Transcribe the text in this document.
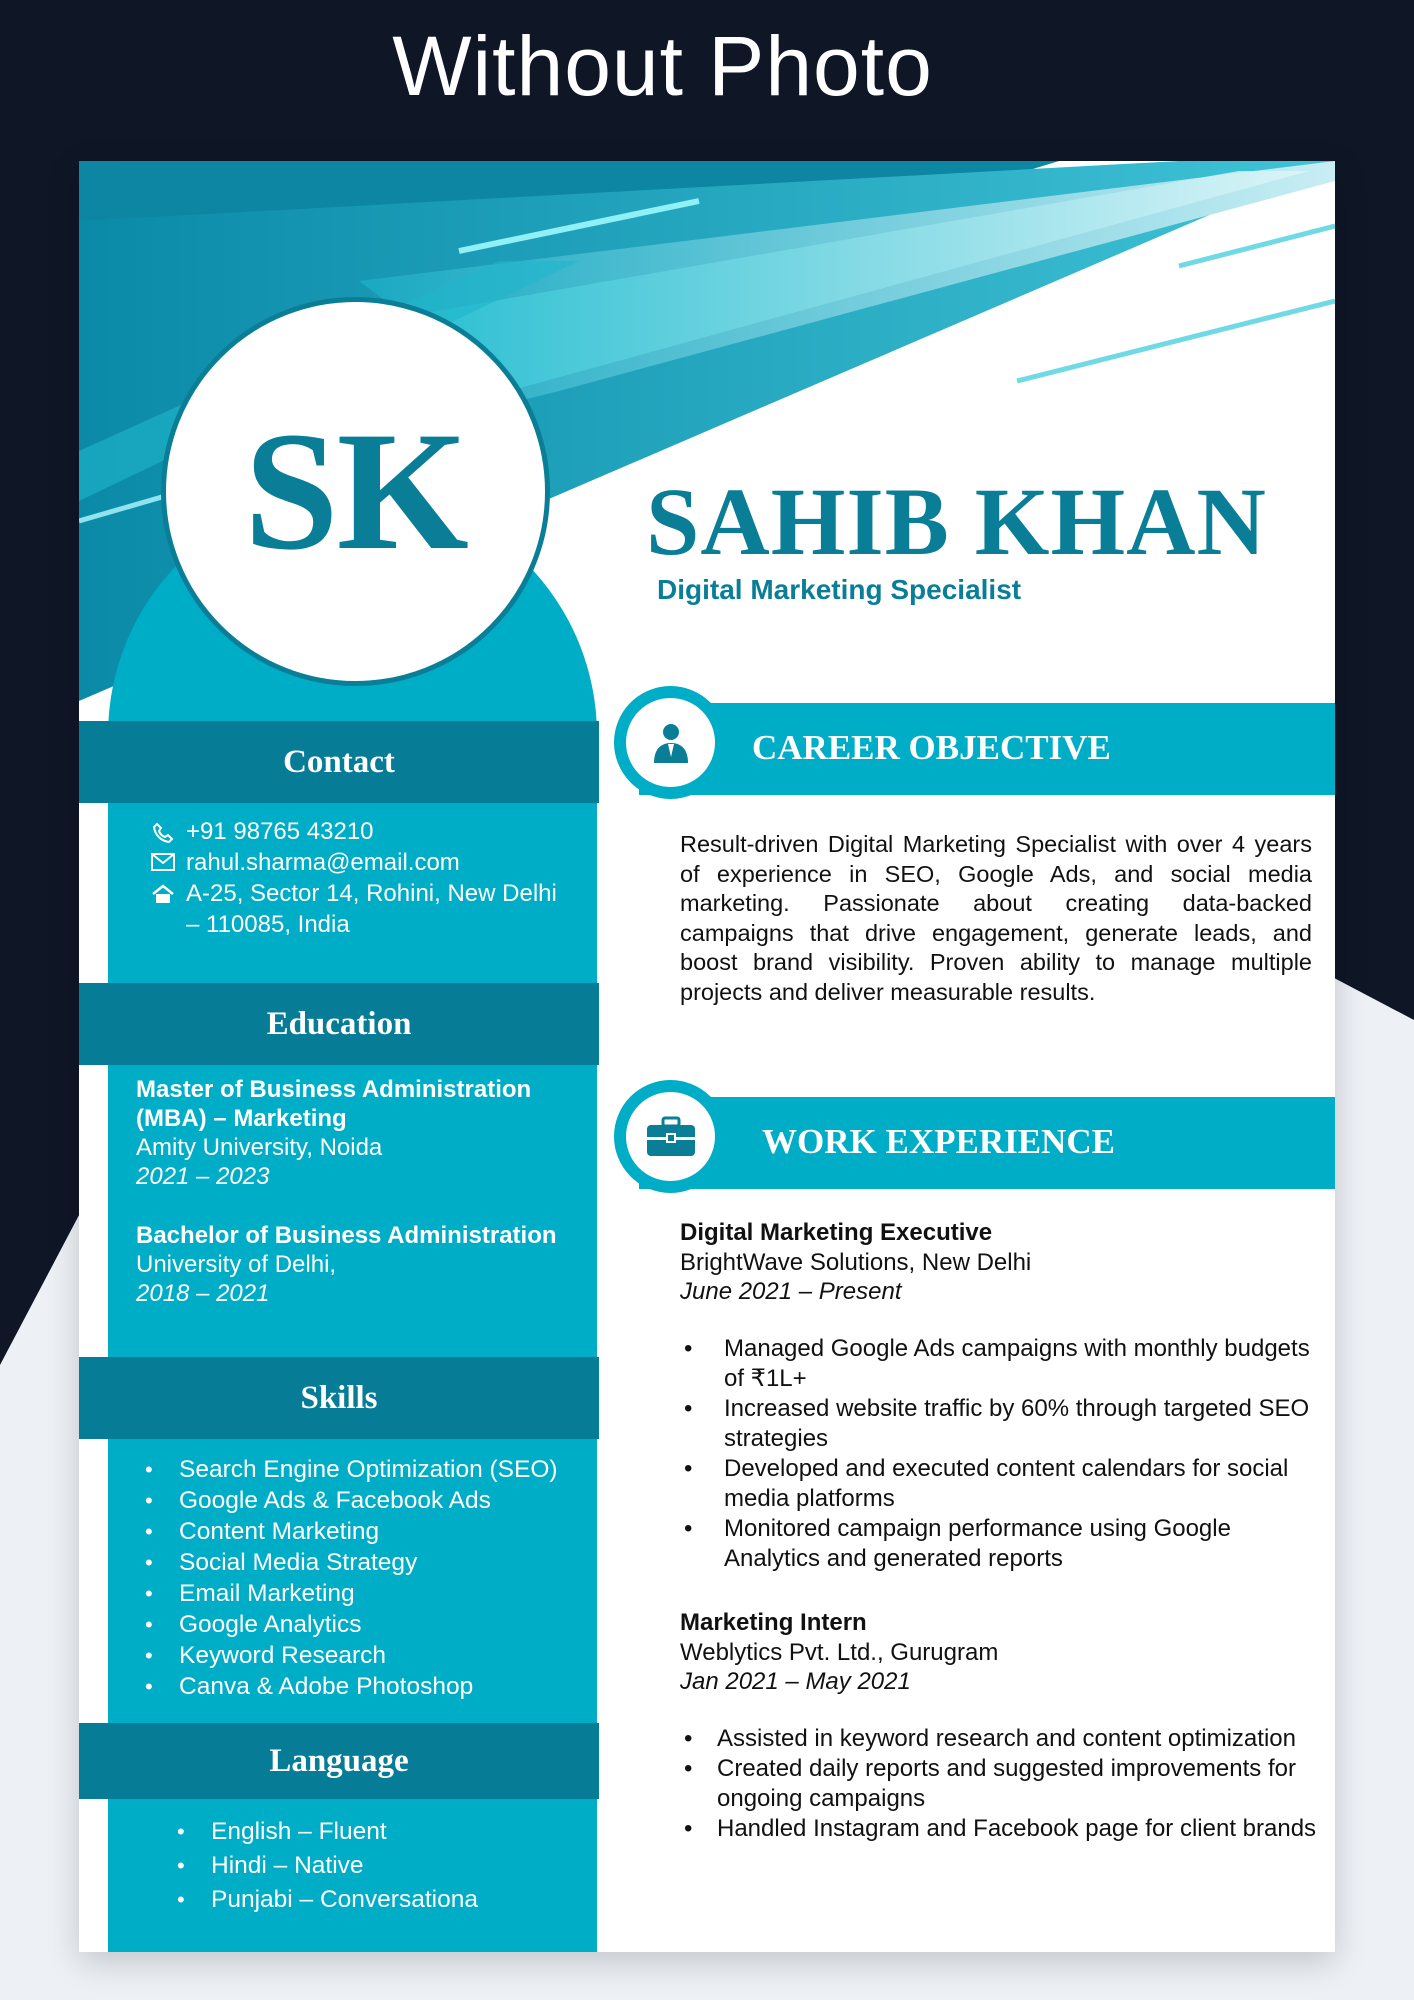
Without Photo
SK SAHIB KHAN
Digital Marketing Specialist
Contact
+91 98765 43210
rahul.sharma@email.com
A-25, Sector 14, Rohini, New Delhi – 110085, India
Education
Master of Business Administration (MBA) – Marketing
Amity University, Noida
2021 – 2023
Bachelor of Business Administration
University of Delhi,
2018 – 2021
Skills
• Search Engine Optimization (SEO)
• Google Ads & Facebook Ads
• Content Marketing
• Social Media Strategy
• Email Marketing
• Google Analytics
• Keyword Research
• Canva & Adobe Photoshop
Language
• English – Fluent
• Hindi – Native
• Punjabi – Conversationa
CAREER OBJECTIVE
Result-driven Digital Marketing Specialist with over 4 years of experience in SEO, Google Ads, and social media marketing. Passionate about creating data-backed campaigns that drive engagement, generate leads, and boost brand visibility. Proven ability to manage multiple projects and deliver measurable results.
WORK EXPERIENCE
Digital Marketing Executive
BrightWave Solutions, New Delhi
June 2021 – Present
• Managed Google Ads campaigns with monthly budgets of ₹1L+
• Increased website traffic by 60% through targeted SEO strategies
• Developed and executed content calendars for social media platforms
• Monitored campaign performance using Google Analytics and generated reports
Marketing Intern
Weblytics Pvt. Ltd., Gurugram
Jan 2021 – May 2021
• Assisted in keyword research and content optimization
• Created daily reports and suggested improvements for ongoing campaigns
• Handled Instagram and Facebook page for client brands
